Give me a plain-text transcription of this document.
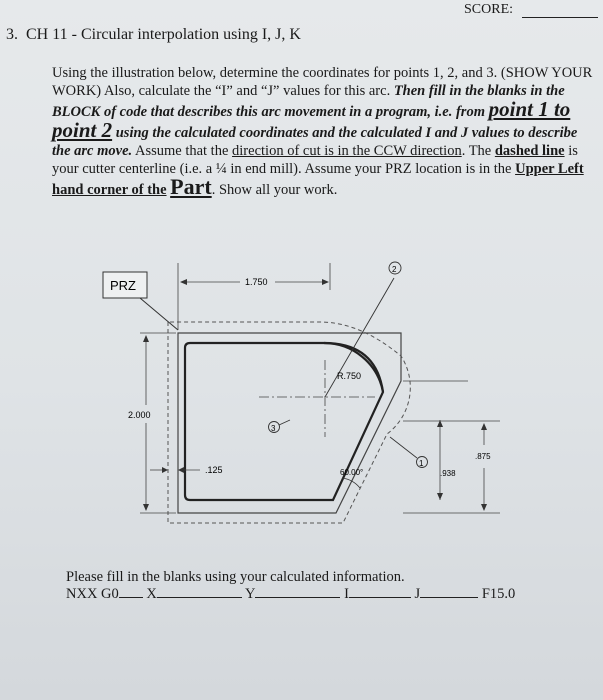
SCORE:
3. CH 11 - Circular interpolation using I, J, K
Using the illustration below, determine the coordinates for points 1, 2, and 3. (SHOW YOUR WORK) Also, calculate the “I” and “J” values for this arc. Then fill in the blanks in the BLOCK of code that describes this arc movement in a program, i.e. from point 1 to point 2 using the calculated coordinates and the calculated I and J values to describe the arc move. Assume that the direction of cut is in the CCW direction. The dashed line is your cutter centerline (i.e. a ¼ in end mill). Assume your PRZ location is in the Upper Left hand corner of the Part. Show all your work.
PRZ
R.750
2
3
1
60.00°
1.750
2.000
.125	.938
.875
Please fill in the blanks using your calculated information.
NXX G0 X	Y	I	J	F15.0
